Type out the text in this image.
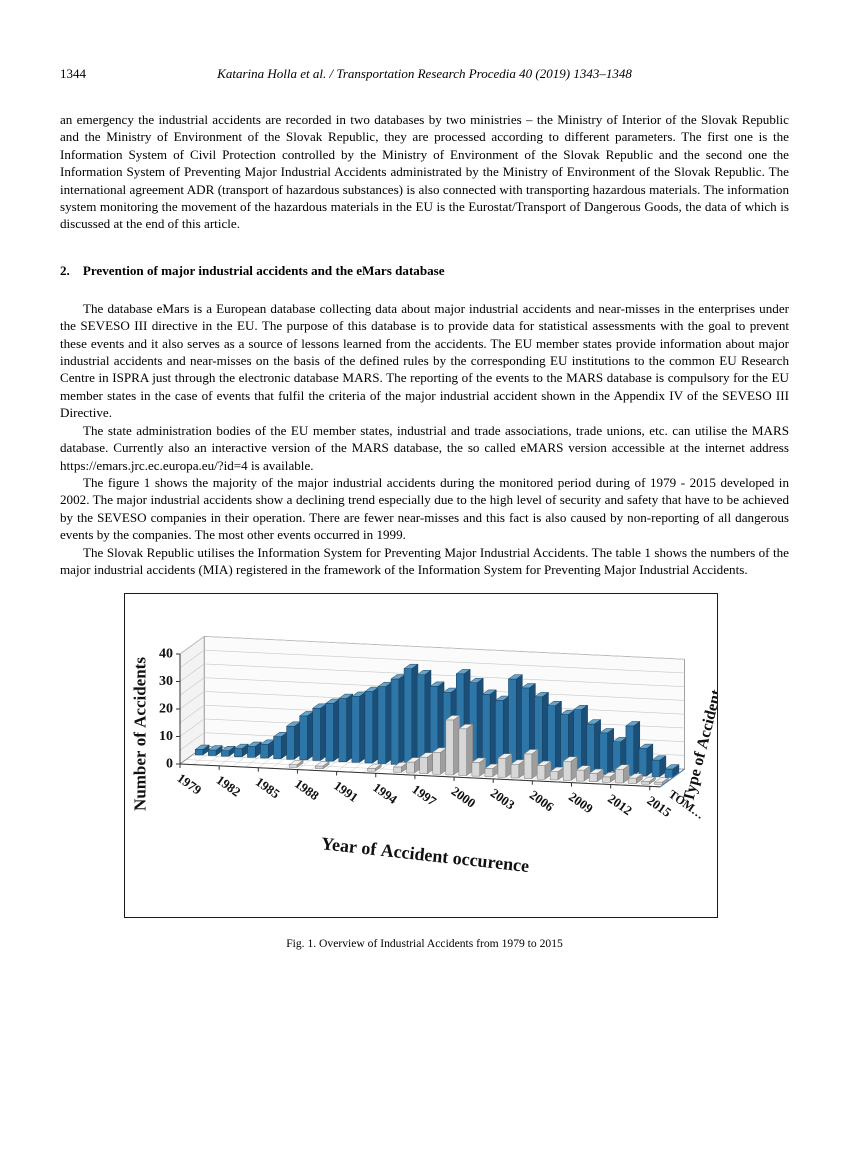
1344	Katarina Holla et al. / Transportation Research Procedia 40 (2019) 1343–1348

an emergency the industrial accidents are recorded in two databases by two ministries – the Ministry of Interior of the Slovak Republic and the Ministry of Environment of the Slovak Republic, they are processed according to different parameters. The first one is the Information System of Civil Protection controlled by the Ministry of Environment of the Slovak Republic and the second one the Information System of Preventing Major Industrial Accidents administrated by the Ministry of Environment of the Slovak Republic. The international agreement ADR (transport of hazardous substances) is also connected with transporting hazardous materials. The information system monitoring the movement of the hazardous materials in the EU is the Eurostat/Transport of Dangerous Goods, the data of which is discussed at the end of this article.

2. Prevention of major industrial accidents and the eMars database

The database eMars is a European database collecting data about major industrial accidents and near-misses in the enterprises under the SEVESO III directive in the EU. The purpose of this database is to provide data for statistical assessments with the goal to prevent these events and it also serves as a source of lessons learned from the accidents. The EU member states provide information about major industrial accidents and near-misses on the basis of the defined rules by the corresponding EU institutions to the common EU Research Centre in ISPRA just through the electronic database MARS. The reporting of the events to the MARS database is compulsory for the EU member states in the case of events that fulfil the criteria of the major industrial accident shown in the Appendix IV of the SEVESO III Directive.

The state administration bodies of the EU member states, industrial and trade associations, trade unions, etc. can utilise the MARS database. Currently also an interactive version of the MARS database, the so called eMARS version accessible at the internet address https://emars.jrc.ec.europa.eu/?id=4 is available.

The figure 1 shows the majority of the major industrial accidents during the monitored period during of 1979 - 2015 developed in 2002. The major industrial accidents show a declining trend especially due to the high level of security and safety that have to be achieved by the SEVESO companies in their operation. There are fewer near-misses and this fact is also caused by non-reporting of all dangerous events by the companies. The most other events occurred in 1999.

The Slovak Republic utilises the Information System for Preventing Major Industrial Accidents. The table 1 shows the numbers of the major industrial accidents (MIA) registered in the framework of the Information System for Preventing Major Industrial Accidents.

Fig. 1. Overview of Industrial Accidents from 1979 to 2015
